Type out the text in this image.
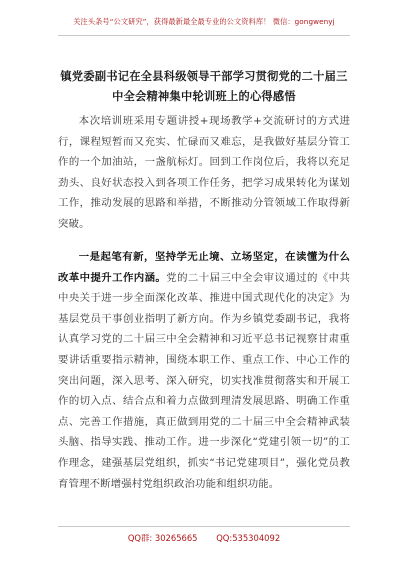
关注头条号“公文研究”，获得最新最全最专业的公文资料库！ 微信：gongwenyj
镇党委副书记在全县科级领导干部学习贯彻党的二十届三
中全会精神集中轮训班上的心得感悟

本次培训班采用专题讲授+现场教学+交流研讨的方式进行，课程短暂而又充实、忙碌而又难忘，是我做好基层分管工作的一个加油站，一盏航标灯。回到工作岗位后，我将以充足劲头、良好状态投入到各项工作任务，把学习成果转化为谋划工作，推动发展的思路和举措，不断推动分管领域工作取得新突破。

一是起笔有新，坚持学无止境、立场坚定，在读懂为什么改革中提升工作内涵。党的二十届三中全会审议通过的《中共中央关于进一步全面深化改革、推进中国式现代化的决定》为基层党员干事创业指明了新方向。作为乡镇党委副书记，我将认真学习党的二十届三中全会精神和习近平总书记视察甘肃重要讲话重要指示精神，围绕本职工作、重点工作、中心工作的突出问题，深入思考、深入研究，切实找准贯彻落实和开展工作的切入点、结合点和着力点做到理清发展思路、明确工作重点、完善工作措施，真正做到用党的二十届三中全会精神武装头脑、指导实践、推动工作。进一步深化“党建引领一切”的工作理念，建强基层党组织，抓实“书记党建项目”，强化党员教育管理不断增强村党组织政治功能和组织功能。

QQ群: 30265665 QQ:535304092
